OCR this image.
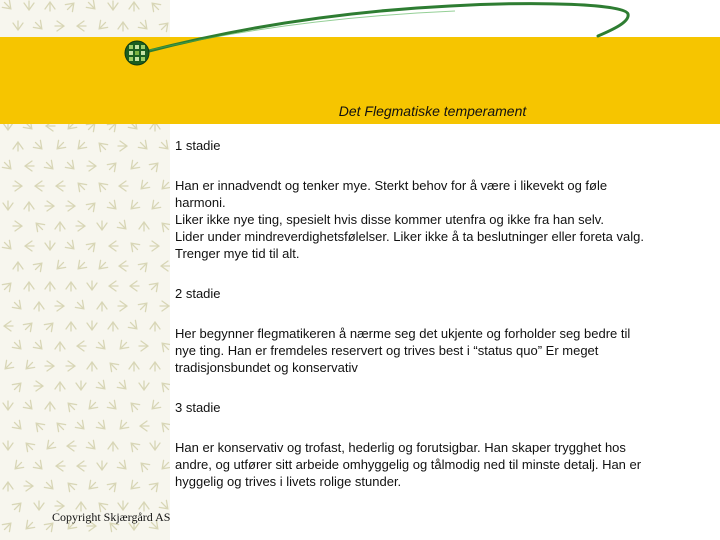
Det Flegmatiske temperament
1 stadie
Han er innadvendt og tenker mye. Sterkt behov for å være i likevekt og føle
harmoni.
Liker ikke nye ting, spesielt hvis disse kommer utenfra og ikke fra han selv.
Lider under mindreverdighetsfølelser. Liker ikke å ta beslutninger eller foreta valg.
Trenger mye tid til alt.
2 stadie
Her begynner flegmatikeren å nærme seg det ukjente og forholder seg bedre til
nye ting. Han er fremdeles reservert og trives best i “status quo” Er meget
tradisjonsbundet og konservativ
3 stadie
Han er konservativ og trofast, hederlig og forutsigbar. Han skaper trygghet hos
andre, og utfører sitt arbeide omhyggelig og tålmodig ned til minste detalj. Han er
hyggelig og trives i livets rolige stunder.
Copyright Skjærgård AS
